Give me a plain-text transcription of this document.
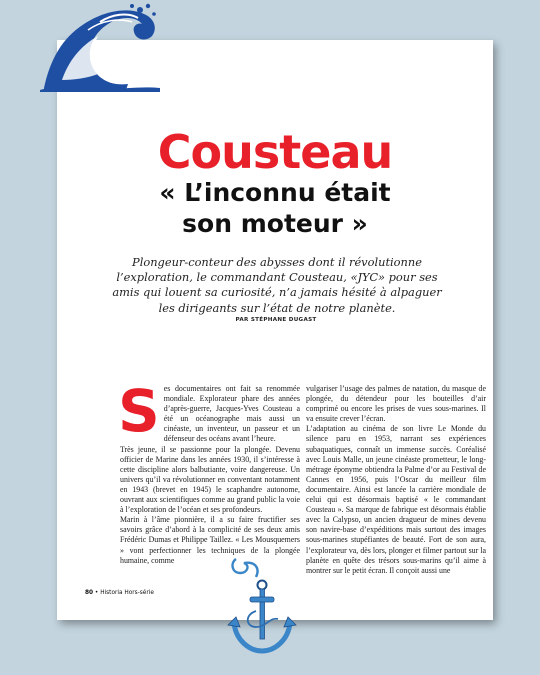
Cousteau
« L’inconnu était
son moteur »
Plongeur-conteur des abysses dont il révolutionne l’exploration, le commandant Cousteau, «JYC» pour ses amis qui louent sa curiosité, n’a jamais hésité à alpaguer les dirigeants sur l’état de notre planète.
PAR STÉPHANE DUGAST
S es documentaires ont fait sa renommée mondiale. Explorateur phare des années d’après-guerre, Jacques-Yves Cousteau a été un océanographe mais aussi un cinéaste, un inventeur, un passeur et un défenseur des océans avant l’heure.

Très jeune, il se passionne pour la plongée. Devenu officier de Marine dans les années 1930, il s’intéresse à cette discipline alors balbutiante, voire dangereuse. Un univers qu’il va révolutionner en conventant notamment en 1943 (brevet en 1945) le scaphandre autonome, ouvrant aux scientifiques comme au grand public la voie à l’exploration de l’océan et ses profondeurs.

Marin à l’âme pionnière, il a su faire fructifier ses savoirs grâce d’abord à la complicité de ses deux amis Frédéric Dumas et Philippe Taillez. « Les Mousquemers » vont perfectionner les techniques de la plongée humaine, comme

vulgariser l’usage des palmes de natation, du masque de plongée, du détendeur pour les bouteilles d’air comprimé ou encore les prises de vues sous-marines. Il va ensuite crever l’écran.

L’adaptation au cinéma de son livre Le Monde du silence paru en 1953, narrant ses expériences subaquatiques, connaît un immense succès. Coréalisé avec Louis Malle, un jeune cinéaste prometteur, le long-métrage éponyme obtiendra la Palme d’or au Festival de Cannes en 1956, puis l’Oscar du meilleur film documentaire. Ainsi est lancée la carrière mondiale de celui qui est désormais baptisé « le commandant Cousteau ». Sa marque de fabrique est désormais établie avec la Calypso, un ancien dragueur de mines devenu son navire-base d’expéditions mais surtout des images sous-marines stupéfiantes de beauté. Fort de son aura, l’explorateur va, dès lors, plonger et filmer partout sur la planète en quête des trésors sous-marins qu’il aime à montrer sur le petit écran. Il conçoit aussi une

80 • Historia Hors-série
